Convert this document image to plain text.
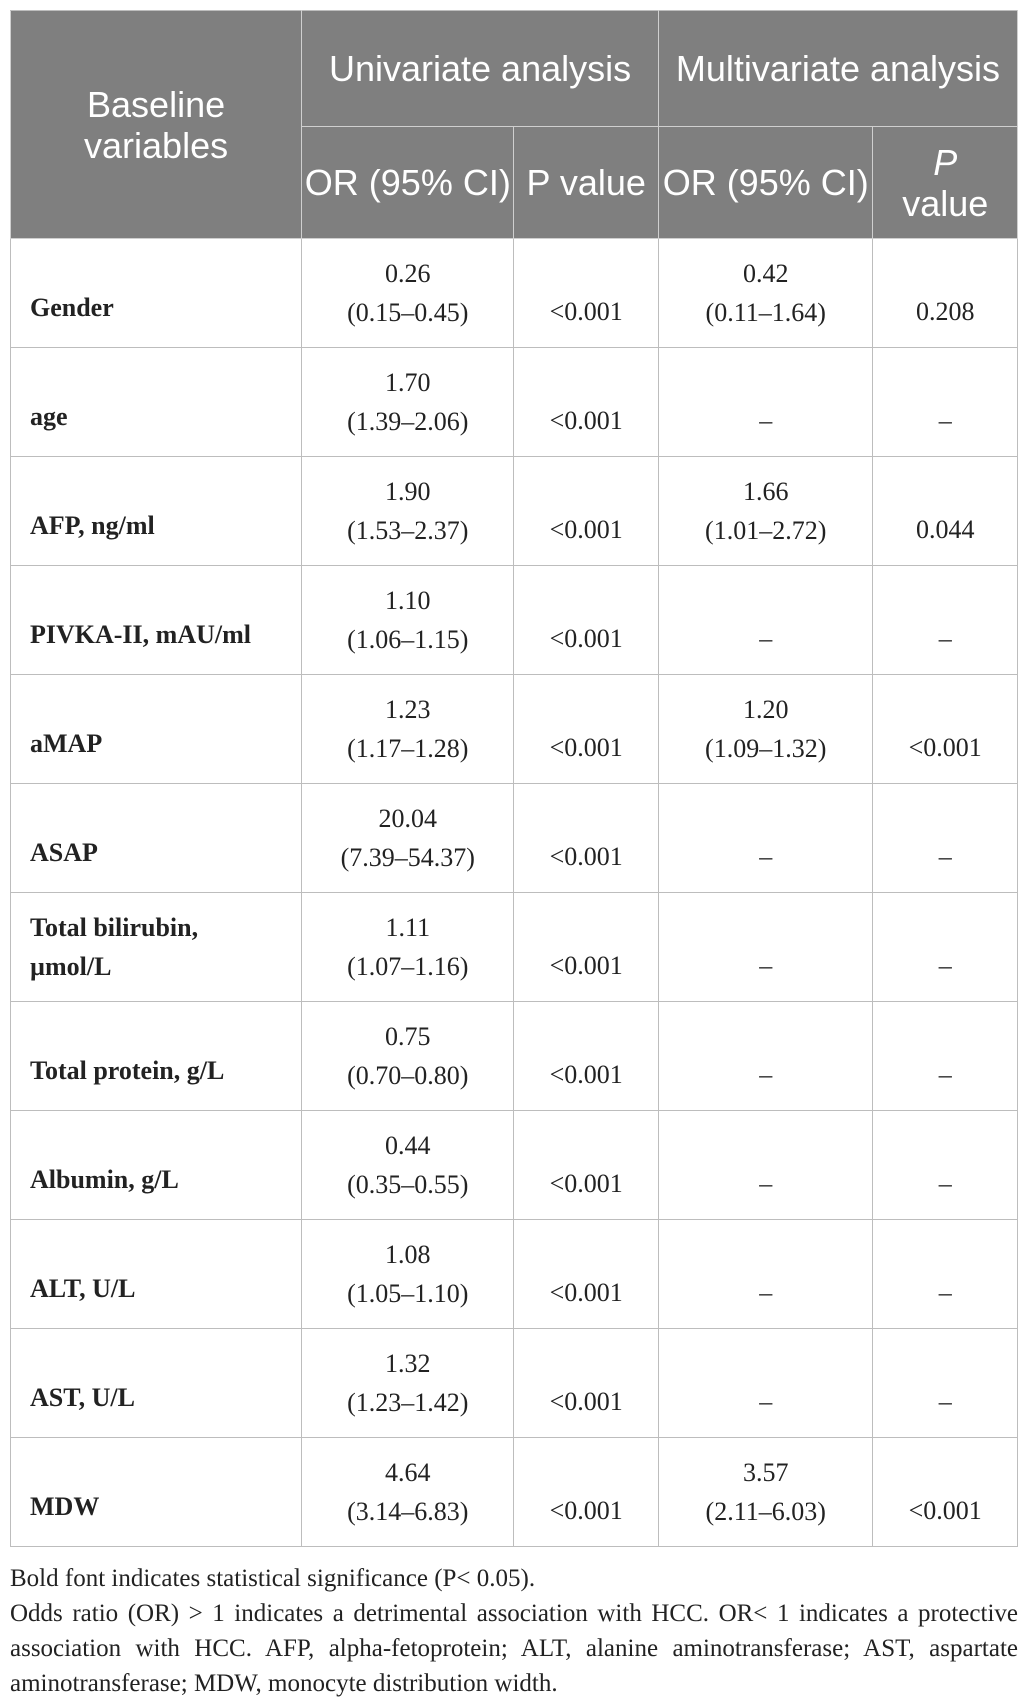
Baseline variables	Univariate analysis		Multivariate analysis	
	OR (95% CI)	P value	OR (95% CI)	P
value
Gender	0.26
(0.15–0.45)	<0.001	0.42
(0.11–1.64)	0.208
age	1.70
(1.39–2.06)	<0.001	–	–
AFP, ng/ml	1.90
(1.53–2.37)	<0.001	1.66
(1.01–2.72)	0.044
PIVKA-II, mAU/ml	1.10
(1.06–1.15)	<0.001	–	–
aMAP	1.23
(1.17–1.28)	<0.001	1.20
(1.09–1.32)	<0.001
ASAP	20.04
(7.39–54.37)	<0.001	–	–
Total bilirubin,
µmol/L	1.11
(1.07–1.16)	<0.001	–	–
Total protein, g/L	0.75
(0.70–0.80)	<0.001	–	–
Albumin, g/L	0.44
(0.35–0.55)	<0.001	–	–
ALT, U/L	1.08
(1.05–1.10)	<0.001	–	–
AST, U/L	1.32
(1.23–1.42)	<0.001	–	–
MDW	4.64
(3.14–6.83)	<0.001	3.57
(2.11–6.03)	<0.001

Bold font indicates statistical significance (P< 0.05).

Odds ratio (OR) > 1 indicates a detrimental association with HCC. OR< 1 indicates a protective association with HCC. AFP, alpha-fetoprotein; ALT, alanine aminotransferase; AST, aspartate aminotransferase; MDW, monocyte distribution width.
